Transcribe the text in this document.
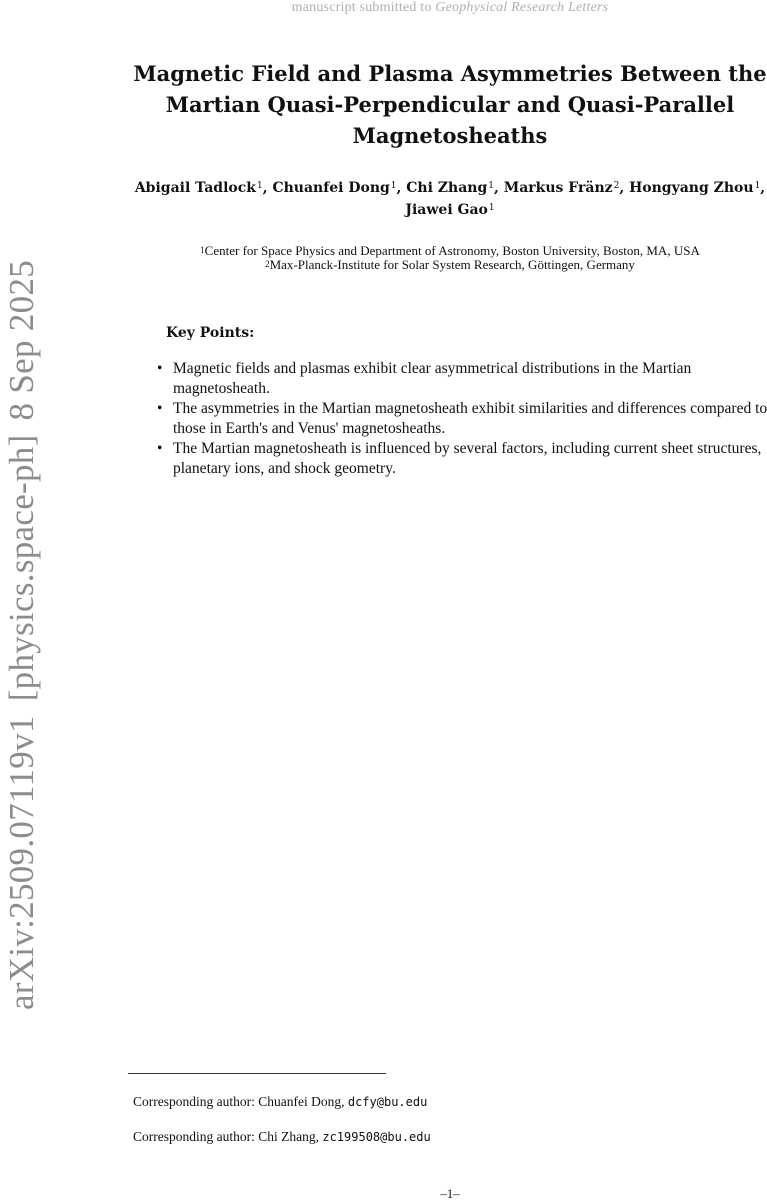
manuscript submitted to Geophysical Research Letters
arXiv:2509.07119v1[physics.space-ph]8 Sep 2025
Magnetic Field and Plasma Asymmetries Between the Martian Quasi-Perpendicular and Quasi-Parallel Magnetosheaths
Abigail Tadlock$^1$, Chuanfei Dong$^1$, Chi Zhang$^1$, Markus Fränz$^2$, Hongyang Zhou$^1$, Jiawei Gao$^1$
$^1$Center for Space Physics and Department of Astronomy, Boston University, Boston, MA, USA
$^2$Max-Planck-Institute for Solar System Research, Göttingen, Germany
Key Points:
• Magnetic fields and plasmas exhibit clear asymmetrical distributions in the Martian magnetosheath.
• The asymmetries in the Martian magnetosheath exhibit similarities and differences compared to those in Earth's and Venus' magnetosheaths.
• The Martian magnetosheath is influenced by several factors, including current sheet structures, planetary ions, and shock geometry.
Corresponding author: Chuanfei Dong, dcfy@bu.edu
Corresponding author: Chi Zhang, zc199508@bu.edu
–1–
